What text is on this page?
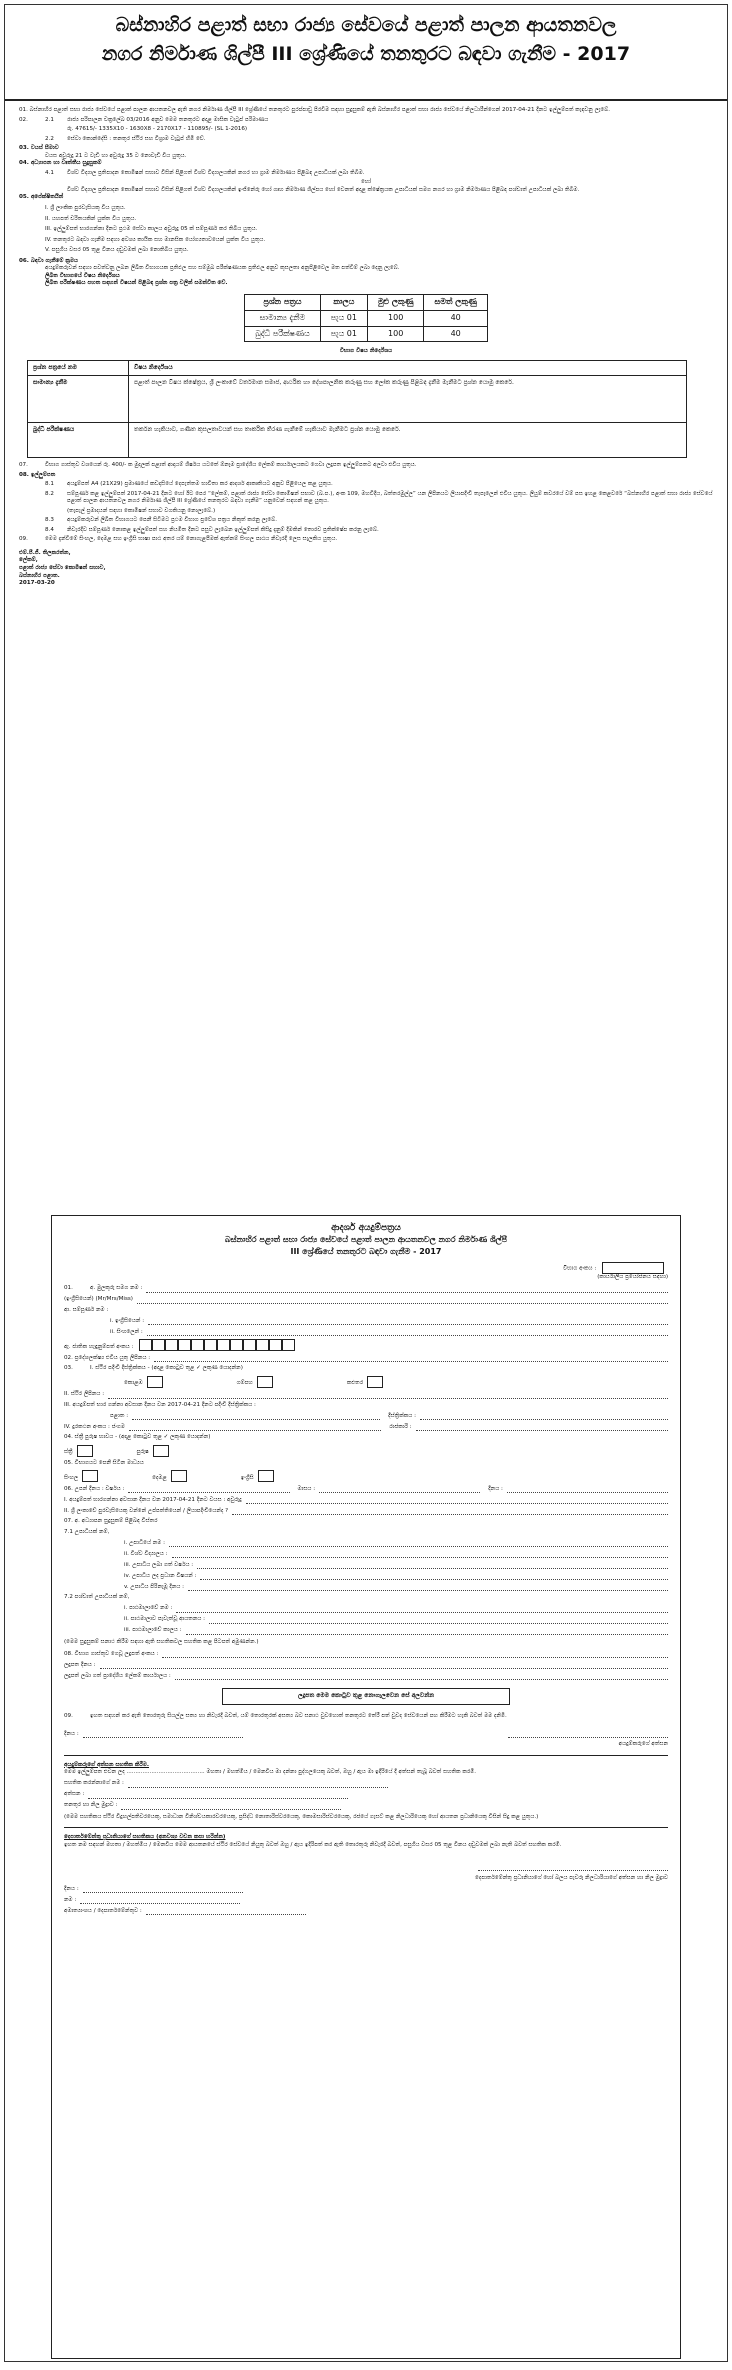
බස්නාහිර පළාත් සභා රාජ්‍ය සේවයේ පළාත් පාලන ආයතනවල
නගර නිර්මාණ ශිල්පී III ශ්‍රේණියේ තනතුරට බඳවා ගැනීම - 2017
01. බස්නාහිර පළාත් සභා රාජ්‍ය සේවයේ පළාත් පාලන ආයතනවල ඇති නගර නිර්මාණ ශිල්පී III ශ්‍රේණියේ තනතුරට පුරප්පාඩු පිරවීම සඳහා සුදුසුකම් ඇති බස්නාහිර පළාත් සභා රාජ්‍ය සේවයේ නිලධාරීන්ගෙන් 2017-04-21 දිනට ඉල්ලුම්පත් කැඳවනු ලැබේ.
02.	2.1	රාජ්‍ය පරිපාලන චක්‍රලේඛ 03/2016 අනුව මෙම තනතුරට අදාළ මාසික වැටුප් පරිමාණය
රු. 47615/- 1335X10 - 1630X8 - 2170X17 - 110895/- (SL 1-2016)
2.2	සේවා කොන්දේසි : තනතුර ස්ථිර සහ විශ්‍රාම වැටුප් හිමි වේ.
03. වයස් සීමාව
වයස අවුරුදු 21 ට වැඩි හා අවුරුදු 35 ට නොවැඩි විය යුතුය.
04. අධ්‍යාපන හා වෘත්තීය සුදුසුකම්
4.1	විශ්ව විද්‍යාල ප්‍රතිපාදන කොමිෂන් සභාව විසින් පිළිගත් විශ්ව විද්‍යාලයකින් නගර හා ග්‍රාම නිර්මාණය පිළිබඳ උපාධියක් ලබා තිබීම.
හෝ
විශ්ව විද්‍යාල ප්‍රතිපාදන කොමිෂන් සභාව විසින් පිළිගත් විශ්ව විද්‍යාලයකින් ඉංජිනේරු හෝ ගෘහ නිර්මාණ ශිල්පය හෝ වෙනත් අදාළ ක්ෂේත්‍රයක උපාධියක් සමග නගර හා ග්‍රාම නිර්මාණය පිළිබඳ පශ්චාත් උපාධියක් ලබා තිබීම.
05. අපේක්ෂිතයින්
I. ශ්‍රී ලාංකික පුරවැසියකු විය යුතුය.
II. යහපත් චරිතයකින් යුක්ත විය යුතුය.
III. ඉල්ලුම්පත් භාරගන්නා දිනට ප්‍රථම සේවා කාලය අවුරුදු 05 ක් සම්පූර්ණ කර තිබිය යුතුය.
IV. තනතුරට බඳවා ගැනීම සඳහා අවශ්‍ය කායික සහ මානසික යෝග්‍යතාවයෙන් යුක්ත විය යුතුය.
V. පසුගිය වසර 05 තුළ විනය දඬුවමක් ලබා නොතිබිය යුතුය.
06. බඳවා ගැනීමේ ක්‍රමය
අයදුම්කරුවන් සඳහා පවත්වනු ලබන ලිඛිත විභාගයක ප්‍රතිඵල සහ සම්මුඛ පරීක්ෂණයක ප්‍රතිඵල අනුව කුසලතා අනුපිළිවෙල මත පත්වීම් ලබා දෙනු ලැබේ.
ලිඛිත විභාගයේ විෂය නිර්දේශය
ලිඛිත පරීක්ෂණය පහත සඳහන් විෂයන් පිළිබඳ ප්‍රශ්න පත්‍ර වලින් සමන්විත වේ.
ප්‍රශ්න පත්‍රය	කාලය	මුළු ලකුණු	සමත් ලකුණු
සාමාන්‍ය දැනීම	පැය 01	100	40
බුද්ධි පරීක්ෂණය	පැය 01	100	40
විභාග විෂය නිර්දේශය
ප්‍රශ්න පත්‍රයේ නම	විෂය නිර්දේශය
සාමාන්‍ය දැනීම	පළාත් පාලන විෂය ක්ෂේත්‍රය, ශ්‍රී ලංකාවේ වර්තමාන සමාජ, ආර්ථික හා දේශපාලනික කරුණු සහ ලෝක කරුණු පිළිබඳ දැනීම මැනීමට ප්‍රශ්න යොමු කෙරේ.
බුද්ධි පරීක්ෂණය	තර්කන හැකියාව, ගණිත කුසලතාවයන් සහ තාර්කික තීරණ ගැනීමේ හැකියාව මැනීමට ප්‍රශ්න යොමු කෙරේ.
07.	විභාග ගාස්තුව වශයෙන් රු. 400/- ක මුදලක් පළාත් ආදායම් ශීර්ෂය යටතේ ඕනෑම ප්‍රාදේශීය ලේකම් කාර්යාලයකට ගෙවා ලදුපත ඉල්ලුම්පතට අලවා එවිය යුතුය.
08. ඉල්ලුම්පත
8.1	අයදුම්පත් A4 (21X29) ප්‍රමාණයේ කඩදාසියේ දෙපැත්තම භාවිතා කර ආදර්ශ ආකෘතියට අනුව පිළියෙල කළ යුතුය.
8.2	සම්පූර්ණ කළ ඉල්ලුම්පත් 2017-04-21 දිනට හෝ ඊට පෙර “ලේකම්, පළාත් රාජ්‍ය සේවා කොමිෂන් සභාව (බ.ප.), අංක 109, මහවිදිය, බත්තරමුල්ල” යන ලිපිනයට ලියාපදිංචි තැපෑලෙන් එවිය යුතුය. ලියුම් කවරයේ වම් පස ඉහළ කෙළවරේ “බස්නාහිර පළාත් සභා රාජ්‍ය සේවයේ පළාත් පාලන ආයතනවල නගර නිර්මාණ ශිල්පී III ශ්‍රේණියේ තනතුරට බඳවා ගැනීම” යනුවෙන් සඳහන් කළ යුතුය.
(තැපැල් ප්‍රමාදයන් සඳහා කොමිෂන් සභාව වගකියනු නොලැබේ.)
8.3	අයදුම්කරුවන් ලිඛිත විභාගයට පෙනී සිටීමට ප්‍රථම විභාග ප්‍රවේශ පත්‍රය නිකුත් කරනු ලැබේ.
8.4	නිවැරදිව සම්පූර්ණ නොකළ ඉල්ලුම්පත් සහ නියමිත දිනට පසුව ලැබෙන ඉල්ලුම්පත් කිසිදු දැනුම් දීමකින් තොරව ප්‍රතික්ෂේප කරනු ලැබේ.
09.	මෙම දැන්වීමේ සිංහල, දෙමළ සහ ඉංග්‍රීසි භාෂා පාඨ අතර යම් නොගැළපීමක් ඇත්නම් සිංහල පාඨය නිවැරදි ලෙස සැලකිය යුතුය.
එම්.පී.ජී. තිලකරත්න,
ලේකම්,
පළාත් රාජ්‍ය සේවා කොමිෂන් සභාව,
බස්නාහිර පළාත.
2017-03-20
ආදර්ශ අයදුම්පත්‍රය
බස්නාහිර පළාත් සභා රාජ්‍ය සේවයේ පළාත් පාලන ආයතනවල නගර නිර්මාණ ශිල්පී
III ශ්‍රේණියේ තනතුරට බඳවා ගැනීම - 2017
විභාග අංකය :
(කාර්යාලීය ප්‍රයෝජනය සඳහා)
01.	අ. මුලකුරු සමග නම :
(ඉංග්‍රීසියෙන්) (Mr/Mrs/Miss)
ආ. සම්පූර්ණ නම :
i. ඉංග්‍රීසියෙන් :
ii. සිංහලෙන් :
ඇ. ජාතික හැඳුනුම්පත් අංකය :
02. ප්‍රදේශලක්ෂ්‍ය එවිය යුතු ලිපිනය :
03.	I. ස්ථිර පදිංචි දිස්ත්‍රික්කය - (අදාළ කොටුව තුළ ✓ ලකුණ යොදන්න)
කොළඹ	ගම්පහ	කළුතර
II. ස්ථිර ලිපිනය :
III. අයදුම්පත් භාර ගන්නා අවසාන දිනය වන 2017-04-21 දිනට පදිංචි දිස්ත්‍රික්කය :
පළාත :	දිස්ත්‍රික්කය :
IV. දුරකථන අංකය : ජංගම	රාජකාරි :
04. ස්ත්‍රී පුරුෂ භාවය - (අදාළ කොටුව තුළ ✓ ලකුණ යොදන්න)
ස්ත්‍රී	පුරුෂ
05. විභාගයට පෙනී සිටින මාධ්‍යය
සිංහල	දෙමළ	ඉංග්‍රීසි
06. උපන් දිනය : වර්ෂය :	මාසය :	දිනය :
I. අයදුම්පත් භාරගන්නා අවසාන දිනය වන 2017-04-21 දිනට වයස : අවුරුදු
II. ශ්‍රී ලංකාවේ පුරවැසියෙකු වන්නේ උප්පත්තියෙන් / ලියාපදිංචියෙන්ද ?
07. අ. අධ්‍යාපන සුදුසුකම් පිළිබඳ විස්තර
7.1 උපාධියක් නම්,
i. උපාධියේ නම :
ii. විශ්ව විද්‍යාලය :
iii. උපාධිය ලබා ගත් වර්ෂය :
iv. උපාධිය ලද ප්‍රධාන විෂයන් :
v. උපාධිය පිරිනැමූ දිනය :
7.2 පශ්චාත් උපාධියක් නම්,
i. පාඨමාලාවේ නම :
ii. පාඨමාලාව පැවැත්වූ ආයතනය :
iii. පාඨමාලාවේ කාලය :
(මෙම සුදුසුකම් සනාථ කිරීම සඳහා ඇති සහතිකවල සහතික කළ පිටපත් අමුණන්න.)
08. විභාග ගාස්තුව ගෙවූ ලදුපත් අංකය :
ලදුපත දිනය :
ලදුපත් ලබා ගත් ප්‍රාදේශීය ලේකම් කාර්යාලය :
ලදුපත මෙම කොටුව තුළ නොගැලවෙන සේ අලවන්න
09.	ඉහත සඳහන් කර ඇති තොරතුරු සියල්ල සත්‍ය හා නිවැරදි බවත්, යම් තොරතුරක් අසත්‍ය බව සනාථ වුවහොත් තනතුරට තේරී පත් වුවද සේවයෙන් පහ කිරීමට හැකි බවත් මම දනිමි.
දිනය :
අයදුම්කරුගේ අත්සන
අයදුම්කරුගේ අත්සන සහතික කිරීම.
මෙම ඉල්ලුම්පත එවන ලද ............................................ මහතා / මහත්මිය / මෙනවිය මා දන්නා පුද්ගලයෙකු බවත්, ඔහු / ඇය මා ඉදිරියේ දී අත්සන් තැබූ බවත් සහතික කරමි.
සහතික කරන්නාගේ නම :
අත්සන :
තනතුර හා නිල මුද්‍රාව :
(මෙම සහතිකය ස්ථිර විදුහල්පතිවරයෙකු, සමාධාන විනිශ්චයකාරවරයෙකු, ප්‍රසිද්ධ නොතාරිස්වරයෙකු, කොමසාරිස්වරයෙකු, රජයේ ගැසට් කළ නිලධාරියෙකු හෝ ආයතන ප්‍රධානියෙකු විසින් සිදු කළ යුතුය.)
දෙපාර්තමේන්තු ප්‍රධානියාගේ සහතිකය (අනවශ්‍ය වචන කපා හරින්න)
ඉහත නම සඳහන් මහතා / මහත්මිය / මෙනවිය මෙම ආයතනයේ ස්ථිර සේවයේ නියුතු බවත් ඔහු / ඇය ඉදිරිපත් කර ඇති තොරතුරු නිවැරදි බවත්, පසුගිය වසර 05 තුළ විනය දඬුවමක් ලබා නැති බවත් සහතික කරමි.
දෙපාර්තමේන්තු ප්‍රධානියාගේ හෝ බලය පැවරූ නිලධාරියාගේ අත්සන හා නිල මුද්‍රාව
දිනය :
නම :
අමාත්‍යාංශය / දෙපාර්තමේන්තුව :
